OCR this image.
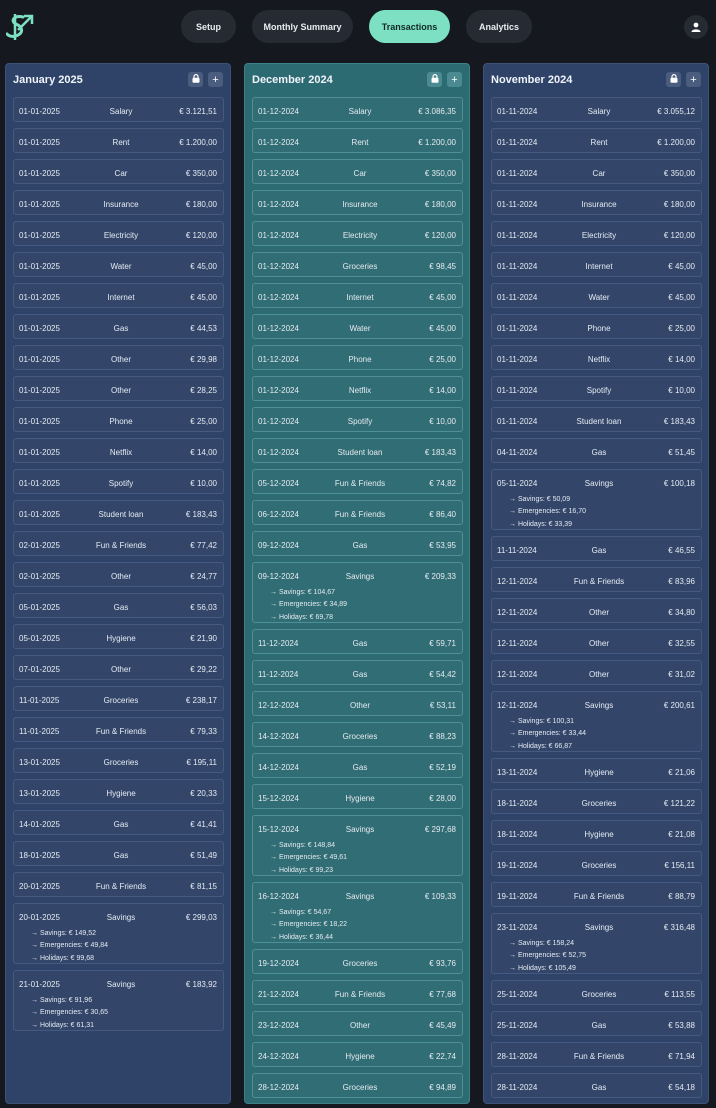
Setup	Monthly Summary	Transactions	Analytics
January 2025	+
01-01-2025	Salary	€ 3.121,51
01-01-2025	Rent	€ 1.200,00
01-01-2025	Car	€ 350,00
01-01-2025	Insurance	€ 180,00
01-01-2025	Electricity	€ 120,00
01-01-2025	Water	€ 45,00
01-01-2025	Internet	€ 45,00
01-01-2025	Gas	€ 44,53
01-01-2025	Other	€ 29,98
01-01-2025	Other	€ 28,25
01-01-2025	Phone	€ 25,00
01-01-2025	Netflix	€ 14,00
01-01-2025	Spotify	€ 10,00
01-01-2025	Student loan	€ 183,43
02-01-2025	Fun & Friends	€ 77,42
02-01-2025	Other	€ 24,77
05-01-2025	Gas	€ 56,03
05-01-2025	Hygiene	€ 21,90
07-01-2025	Other	€ 29,22
11-01-2025	Groceries	€ 238,17
11-01-2025	Fun & Friends	€ 79,33
13-01-2025	Groceries	€ 195,11
13-01-2025	Hygiene	€ 20,33
14-01-2025	Gas	€ 41,41
18-01-2025	Gas	€ 51,49
20-01-2025	Fun & Friends	€ 81,15
20-01-2025	Savings	€ 299,03
→ Savings: € 149,52
→ Emergencies: € 49,84
→ Holidays: € 99,68
21-01-2025	Savings	€ 183,92
→ Savings: € 91,96
→ Emergencies: € 30,65
→ Holidays: € 61,31
December 2024	+
01-12-2024	Salary	€ 3.086,35
01-12-2024	Rent	€ 1.200,00
01-12-2024	Car	€ 350,00
01-12-2024	Insurance	€ 180,00
01-12-2024	Electricity	€ 120,00
01-12-2024	Groceries	€ 98,45
01-12-2024	Internet	€ 45,00
01-12-2024	Water	€ 45,00
01-12-2024	Phone	€ 25,00
01-12-2024	Netflix	€ 14,00
01-12-2024	Spotify	€ 10,00
01-12-2024	Student loan	€ 183,43
05-12-2024	Fun & Friends	€ 74,82
06-12-2024	Fun & Friends	€ 86,40
09-12-2024	Gas	€ 53,95
09-12-2024	Savings	€ 209,33
→ Savings: € 104,67
→ Emergencies: € 34,89
→ Holidays: € 69,78
11-12-2024	Gas	€ 59,71
11-12-2024	Gas	€ 54,42
12-12-2024	Other	€ 53,11
14-12-2024	Groceries	€ 88,23
14-12-2024	Gas	€ 52,19
15-12-2024	Hygiene	€ 28,00
15-12-2024	Savings	€ 297,68
→ Savings: € 148,84
→ Emergencies: € 49,61
→ Holidays: € 99,23
16-12-2024	Savings	€ 109,33
→ Savings: € 54,67
→ Emergencies: € 18,22
→ Holidays: € 36,44
19-12-2024	Groceries	€ 93,76
21-12-2024	Fun & Friends	€ 77,68
23-12-2024	Other	€ 45,49
24-12-2024	Hygiene	€ 22,74
28-12-2024	Groceries	€ 94,89
November 2024	+
01-11-2024	Salary	€ 3.055,12
01-11-2024	Rent	€ 1.200,00
01-11-2024	Car	€ 350,00
01-11-2024	Insurance	€ 180,00
01-11-2024	Electricity	€ 120,00
01-11-2024	Internet	€ 45,00
01-11-2024	Water	€ 45,00
01-11-2024	Phone	€ 25,00
01-11-2024	Netflix	€ 14,00
01-11-2024	Spotify	€ 10,00
01-11-2024	Student loan	€ 183,43
04-11-2024	Gas	€ 51,45
05-11-2024	Savings	€ 100,18
→ Savings: € 50,09
→ Emergencies: € 16,70
→ Holidays: € 33,39
11-11-2024	Gas	€ 46,55
12-11-2024	Fun & Friends	€ 83,96
12-11-2024	Other	€ 34,80
12-11-2024	Other	€ 32,55
12-11-2024	Other	€ 31,02
12-11-2024	Savings	€ 200,61
→ Savings: € 100,31
→ Emergencies: € 33,44
→ Holidays: € 66,87
13-11-2024	Hygiene	€ 21,06
18-11-2024	Groceries	€ 121,22
18-11-2024	Hygiene	€ 21,08
19-11-2024	Groceries	€ 156,11
19-11-2024	Fun & Friends	€ 88,79
23-11-2024	Savings	€ 316,48
→ Savings: € 158,24
→ Emergencies: € 52,75
→ Holidays: € 105,49
25-11-2024	Groceries	€ 113,55
25-11-2024	Gas	€ 53,88
28-11-2024	Fun & Friends	€ 71,94
28-11-2024	Gas	€ 54,18
